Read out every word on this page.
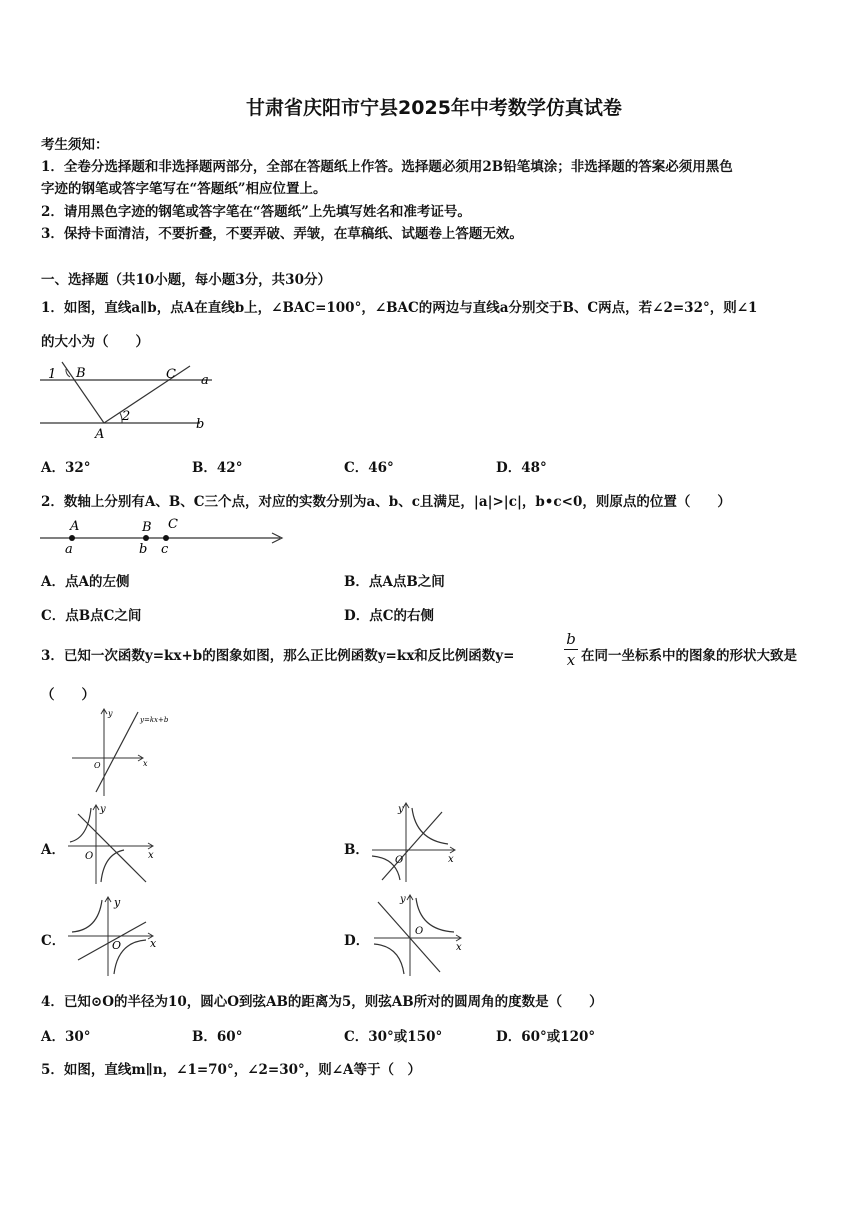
甘肃省庆阳市宁县2025年中考数学仿真试卷
考生须知：
1．全卷分选择题和非选择题两部分，全部在答题纸上作答。选择题必须用2B铅笔填涂；非选择题的答案必须用黑色
字迹的钢笔或答字笔写在“答题纸”相应位置上。
2．请用黑色字迹的钢笔或答字笔在“答题纸”上先填写姓名和准考证号。
3．保持卡面清洁，不要折叠，不要弄破、弄皱，在草稿纸、试题卷上答题无效。
一、选择题（共10小题，每小题3分，共30分）
1．如图，直线a∥b，点A在直线b上，∠BAC=100°，∠BAC的两边与直线a分别交于B、C两点，若∠2=32°，则∠1
的大小为（　　）
1 B	C a
2
A
b
A．32°	B．42°	C．46°	D．48°
2．数轴上分别有A、B、C三个点，对应的实数分别为a、b、c且满足，|a|>|c|，b•c<0，则原点的位置（　　）
A	B C
a	b c
A．点A的左侧	B．点A点B之间
C．点B点C之间	D．点C的右侧
3．已知一次函数y=kx+b的图象如图，那么正比例函数y=kx和反比例函数y=
b
x 在同一坐标系中的图象的形状大致是
（　　）
y
x
O
y=kx+b
A．
y
x
O	B．
y
x
O
C．
y
x
O	D．
y
x
O
4．已知⊙O的半径为10，圆心O到弦AB的距离为5，则弦AB所对的圆周角的度数是（　　）
A．30°	B．60°	C．30°或150°	D．60°或120°
5．如图，直线m∥n，∠1=70°，∠2=30°，则∠A等于（　）
